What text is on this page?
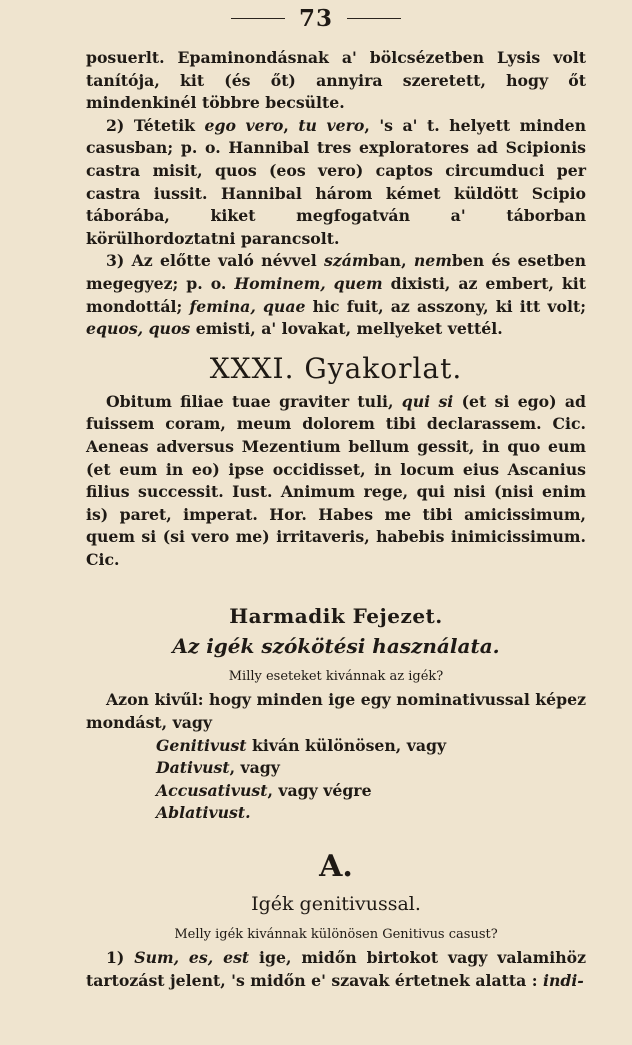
73

posuerlt. Epaminondásnak a' bölcsézetben Lysis volt tanítója, kit (és őt) annyira szeretett, hogy őt mindenkinél többre becsülte.

2) Tétetik ego vero, tu vero, 's a' t. helyett minden casusban; p. o. Hannibal tres exploratores ad Scipionis castra misit, quos (eos vero) captos circumduci per castra iussit. Hannibal három kémet küldött Scipio táborába, kiket megfogatván a' táborban körülhordoztatni parancsolt.

3) Az előtte való névvel számban, nemben és esetben megegyez; p. o. Hominem, quem dixisti, az embert, kit mondottál; femina, quae hic fuit, az asszony, ki itt volt; equos, quos emisti, a' lovakat, mellyeket vettél.

XXXI. Gyakorlat.

Obitum filiae tuae graviter tuli, qui si (et si ego) ad fuissem coram, meum dolorem tibi declarassem. Cic. Aeneas adversus Mezentium bellum gessit, in quo eum (et eum in eo) ipse occidisset, in locum eius Ascanius filius successit. Iust. Animum rege, qui nisi (nisi enim is) paret, imperat. Hor. Habes me tibi amicissimum, quem si (si vero me) irritaveris, habebis inimicissimum. Cic.

Harmadik Fejezet.

Az igék szókötési használata.

Milly eseteket kivánnak az igék?

Azon kivűl: hogy minden ige egy nominativussal képez mondást, vagy

Genitivust kiván különösen, vagy

Dativust, vagy

Accusativust, vagy végre

Ablativust.

A.

Igék genitivussal.

Melly igék kivánnak különösen Genitivus casust?

1) Sum, es, est ige, midőn birtokot vagy valamihöz tartozást jelent, 's midőn e' szavak értetnek alatta : indi-
